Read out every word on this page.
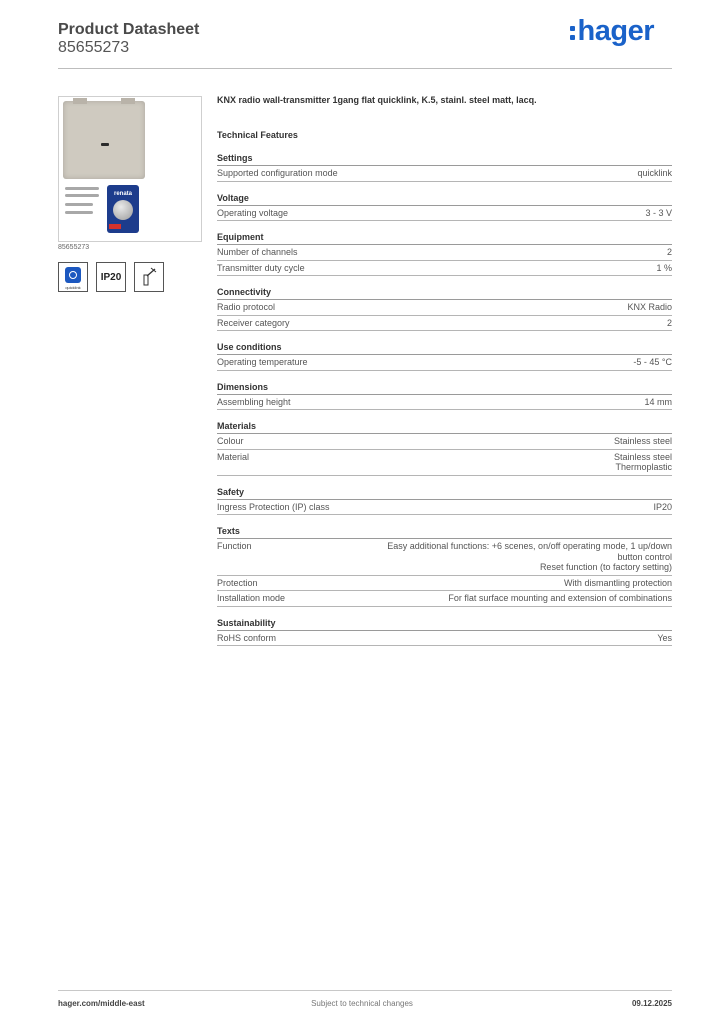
Product Datasheet
85655273
hager
renata
85655273
quicklink
IP20
KNX radio wall-transmitter 1gang flat quicklink, K.5, stainl. steel matt, lacq.
Technical Features
Settings
Supported configuration mode	quicklink
Voltage
Operating voltage	3 - 3 V
Equipment
Number of channels	2
Transmitter duty cycle	1 %
Connectivity
Radio protocol	KNX Radio
Receiver category	2
Use conditions
Operating temperature	-5 - 45 °C
Dimensions
Assembling height	14 mm
Materials
Colour	Stainless steel
Material	Stainless steel
Thermoplastic
Safety
Ingress Protection (IP) class	IP20
Texts
Function	Easy additional functions: +6 scenes, on/off operating mode, 1 up/down
button control
Reset function (to factory setting)
Protection	With dismantling protection
Installation mode	For flat surface mounting and extension of combinations
Sustainability
RoHS conform	Yes
hager.com/middle-east	Subject to technical changes	09.12.2025
